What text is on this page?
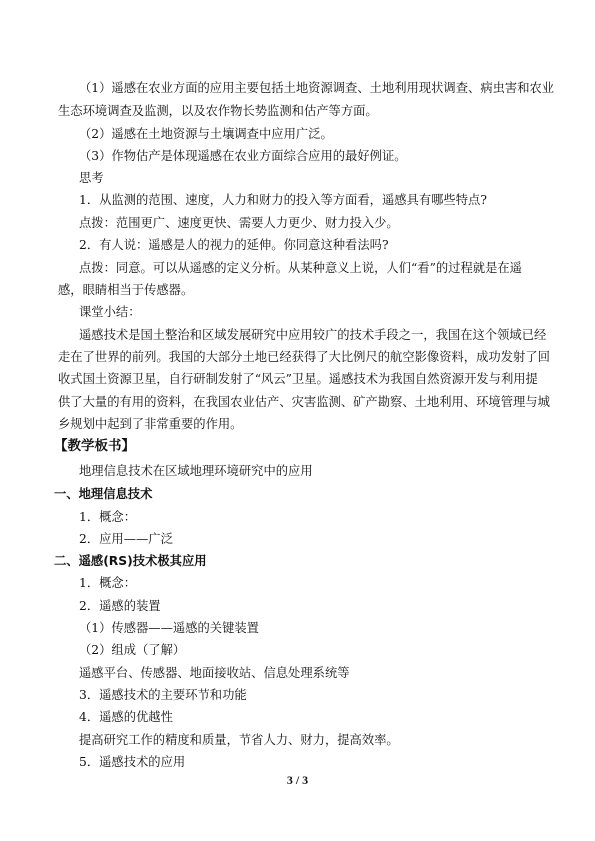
（1）遥感在农业方面的应用主要包括土地资源调查、土地利用现状调查、病虫害和农业
生态环境调查及监测，以及农作物长势监测和估产等方面。
（2）遥感在土地资源与土壤调查中应用广泛。
（3）作物估产是体现遥感在农业方面综合应用的最好例证。
思考
1．从监测的范围、速度，人力和财力的投入等方面看，遥感具有哪些特点?
点拨：范围更广、速度更快、需要人力更少、财力投入少。
2．有人说：遥感是人的视力的延伸。你同意这种看法吗?
点拨：同意。可以从遥感的定义分析。从某种意义上说，人们“看”的过程就是在遥
感，眼睛相当于传感器。
课堂小结：
遥感技术是国土整治和区域发展研究中应用较广的技术手段之一，我国在这个领域已经
走在了世界的前列。我国的大部分土地已经获得了大比例尺的航空影像资料，成功发射了回
收式国土资源卫星，自行研制发射了“风云”卫星。遥感技术为我国自然资源开发与利用提
供了大量的有用的资料，在我国农业估产、灾害监测、矿产勘察、土地利用、环境管理与城
乡规划中起到了非常重要的作用。
【教学板书】
地理信息技术在区域地理环境研究中的应用
一、地理信息技术
1．概念：
2．应用——广泛
二、遥感(RS)技术极其应用
1．概念：
2．遥感的装置
（1）传感器——遥感的关键装置
（2）组成（了解）
遥感平台、传感器、地面接收站、信息处理系统等
3．遥感技术的主要环节和功能
4．遥感的优越性
提高研究工作的精度和质量，节省人力、财力，提高效率。
5．遥感技术的应用
3 / 3
